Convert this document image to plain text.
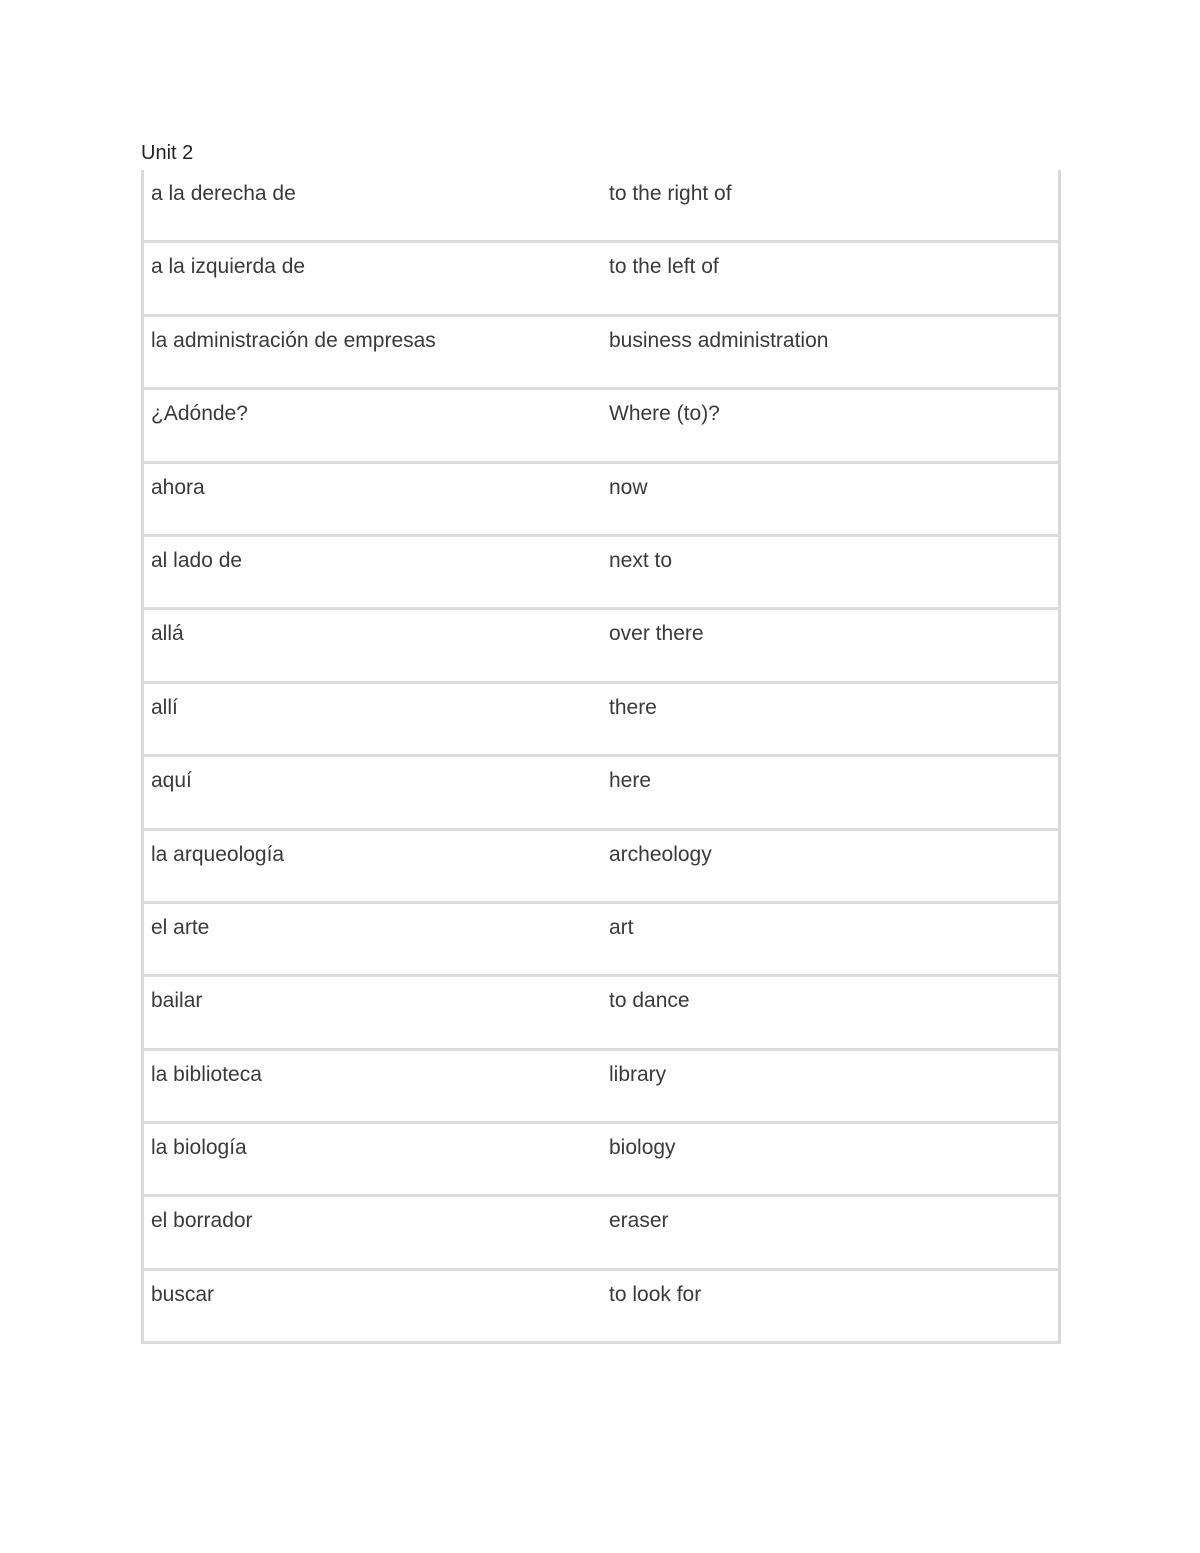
Unit 2
a la derecha de	to the right of
a la izquierda de	to the left of
la administración de empresas	business administration
¿Adónde?	Where (to)?
ahora	now
al lado de	next to
allá	over there
allí	there
aquí	here
la arqueología	archeology
el arte	art
bailar	to dance
la biblioteca	library
la biología	biology
el borrador	eraser
buscar	to look for
